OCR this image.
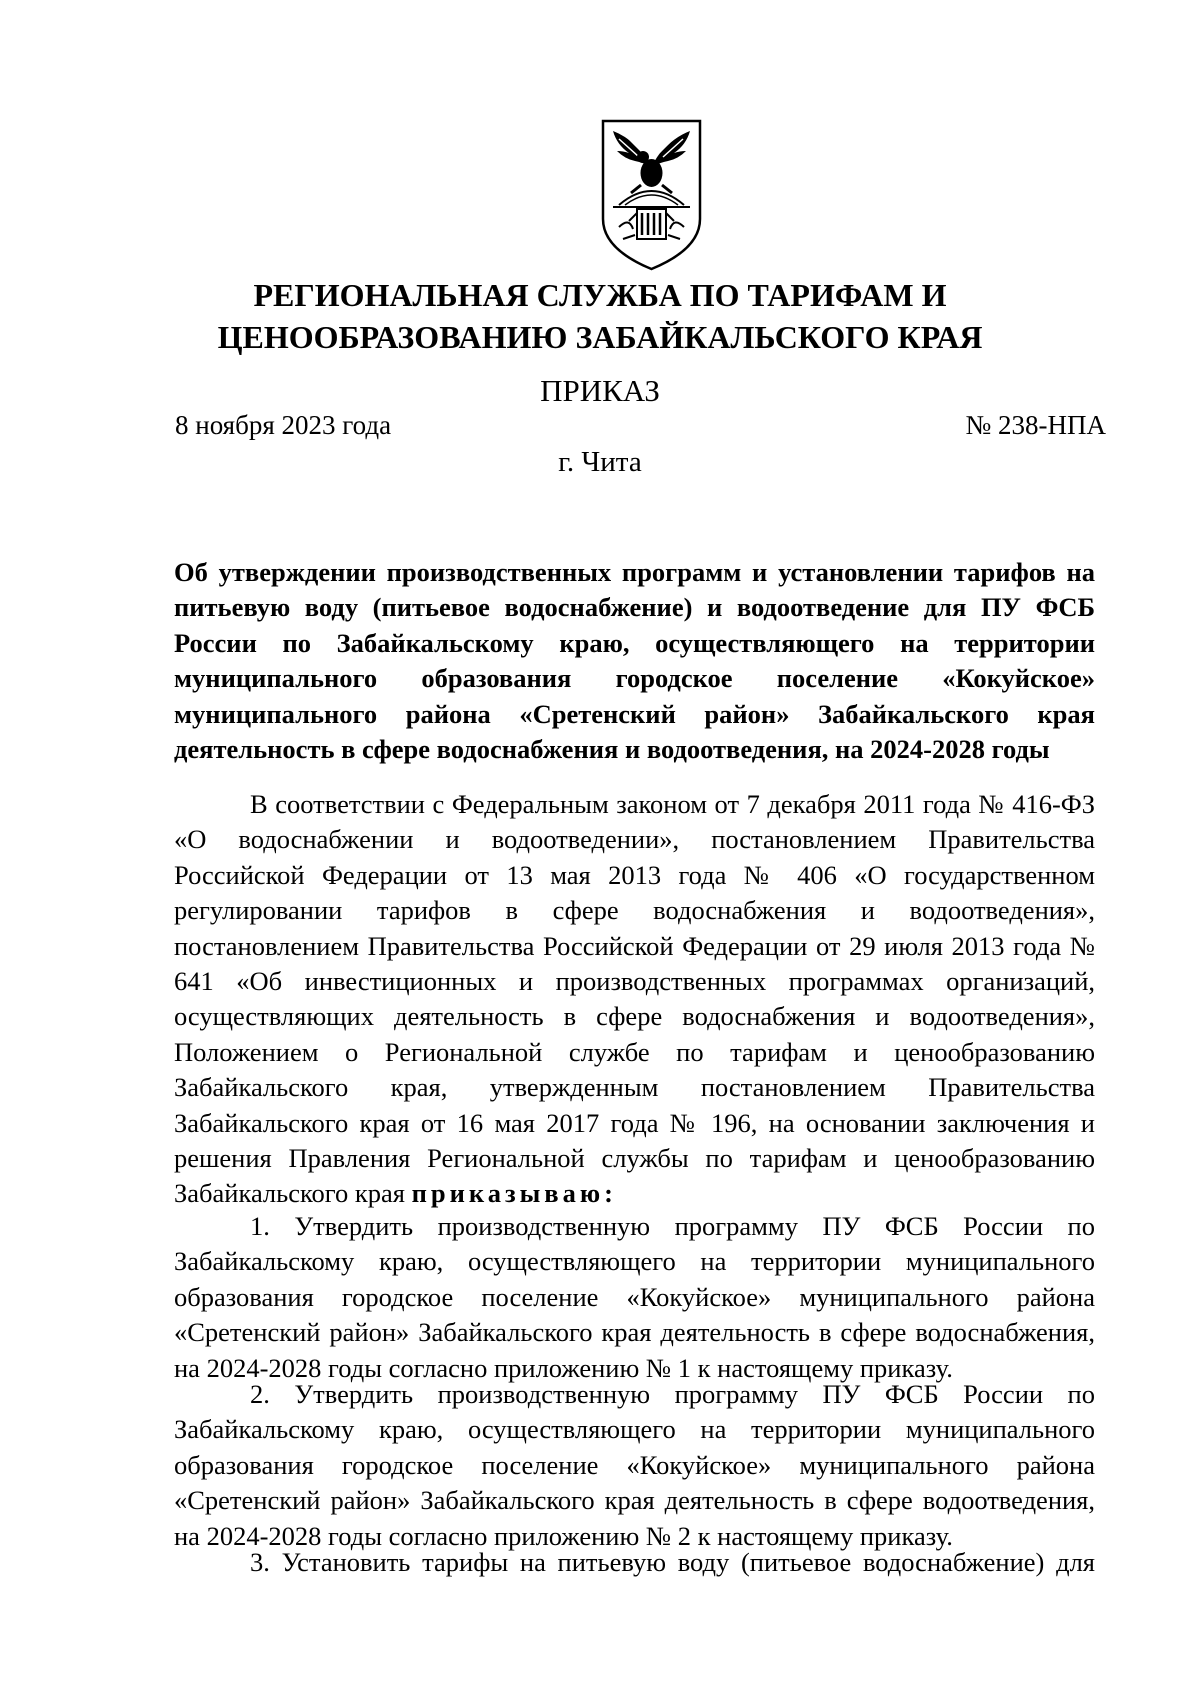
РЕГИОНАЛЬНАЯ СЛУЖБА ПО ТАРИФАМ И
ЦЕНООБРАЗОВАНИЮ ЗАБАЙКАЛЬСКОГО КРАЯ
ПРИКАЗ
8 ноября 2023 года	№ 238-НПА
г. Чита
Об утверждении производственных программ и установлении тарифов на питьевую воду (питьевое водоснабжение) и водоотведение для ПУ ФСБ России по Забайкальскому краю, осуществляющего на территории муниципального образования городское поселение «Кокуйское» муниципального района «Сретенский район» Забайкальского края деятельность в сфере водоснабжения и водоотведения, на 2024-2028 годы
В соответствии с Федеральным законом от 7 декабря 2011 года № 416-ФЗ «О водоснабжении и водоотведении», постановлением Правительства Российской Федерации от 13 мая 2013 года № 406 «О государственном регулировании тарифов в сфере водоснабжения и водоотведения», постановлением Правительства Российской Федерации от 29 июля 2013 года № 641 «Об инвестиционных и производственных программах организаций, осуществляющих деятельность в сфере водоснабжения и водоотведения», Положением о Региональной службе по тарифам и ценообразованию Забайкальского края, утвержденным постановлением Правительства Забайкальского края от 16 мая 2017 года № 196, на основании заключения и решения Правления Региональной службы по тарифам и ценообразованию Забайкальского края приказываю:
1. Утвердить производственную программу ПУ ФСБ России по Забайкальскому краю, осуществляющего на территории муниципального образования городское поселение «Кокуйское» муниципального района «Сретенский район» Забайкальского края деятельность в сфере водоснабжения, на 2024-2028 годы согласно приложению № 1 к настоящему приказу.
2. Утвердить производственную программу ПУ ФСБ России по Забайкальскому краю, осуществляющего на территории муниципального образования городское поселение «Кокуйское» муниципального района «Сретенский район» Забайкальского края деятельность в сфере водоотведения, на 2024-2028 годы согласно приложению № 2 к настоящему приказу.
3. Установить тарифы на питьевую воду (питьевое водоснабжение) для
